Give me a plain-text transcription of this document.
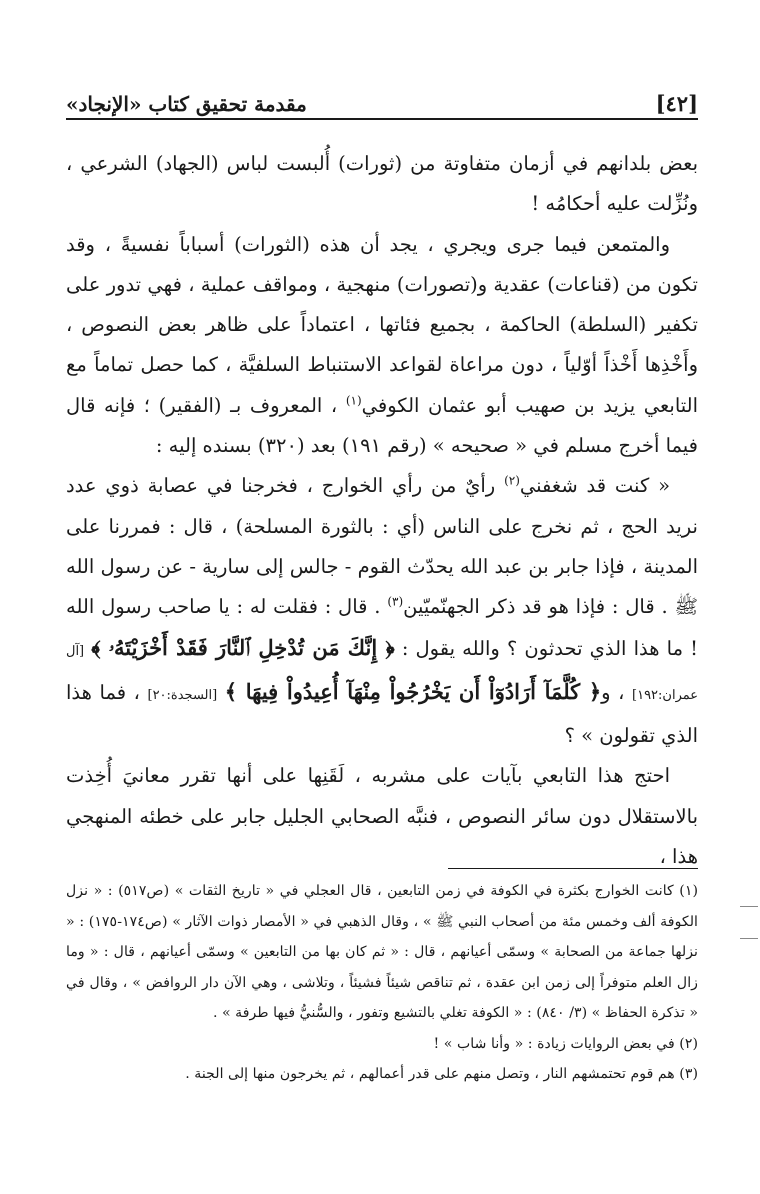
[٤٢]
مقدمة تحقيق كتاب «الإنجاد»

بعض بلدانهم في أزمان متفاوتة من (ثورات) أُلبست لباس (الجهاد) الشرعي ، ونُزِّلت عليه أحكامُه !

والمتمعن فيما جرى ويجري ، يجد أن هذه (الثورات) أسباباً نفسيةً ، وقد تكون من (قناعات) عقدية و(تصورات) منهجية ، ومواقف عملية ، فهي تدور على تكفير (السلطة) الحاكمة ، بجميع فئاتها ، اعتماداً على ظاهر بعض النصوص ، وأَخْذِها أَخْذاً أوّلياً ، دون مراعاة لقواعد الاستنباط السلفيَّة ، كما حصل تماماً مع التابعي يزيد بن صهيب أبو عثمان الكوفي$^{(١)}$ ، المعروف بـ (الفقير) ؛ فإنه قال فيما أخرج مسلم في « صحيحه » (رقم ١٩١) بعد (٣٢٠) بسنده إليه :

« كنت قد شغفني$^{(٢)}$ رأيٌ من رأي الخوارج ، فخرجنا في عصابة ذوي عدد نريد الحج ، ثم نخرج على الناس (أي : بالثورة المسلحة) ، قال : فمررنا على المدينة ، فإذا جابر بن عبد الله يحدّث القوم - جالس إلى سارية - عن رسول الله ﷺ . قال : فإذا هو قد ذكر الجهنّميّين$^{(٣)}$ . قال : فقلت له : يا صاحب رسول الله ! ما هذا الذي تحدثون ؟ والله يقول : ﴿ إِنَّكَ مَن تُدْخِلِ ٱلنَّارَ فَقَدْ أَخْزَيْتَهُۥ ﴾ [آل عمران:١٩٢] ، و﴿ كُلَّمَآ أَرَادُوٓاْ أَن يَخْرُجُواْ مِنْهَآ أُعِيدُواْ فِيهَا ﴾ [السجدة:٢٠] ، فما هذا الذي تقولون » ؟

احتج هذا التابعي بآيات على مشربه ، لَقَنِها على أنها تقرر معانيَ أُخِذت بالاستقلال دون سائر النصوص ، فنبَّه الصحابي الجليل جابر على خطئه المنهجي هذا ،

(١) كانت الخوارج بكثرة في الكوفة في زمن التابعين ، قال العجلي في « تاريخ الثقات » (ص٥١٧) : « نزل الكوفة ألف وخمس مئة من أصحاب النبي ﷺ » ، وقال الذهبي في « الأمصار ذوات الآثار » (ص١٧٤-١٧٥) : « نزلها جماعة من الصحابة » وسمّى أعيانهم ، قال : « ثم كان بها من التابعين » وسمّى أعيانهم ، قال : « وما زال العلم متوفراً إلى زمن ابن عقدة ، ثم تناقص شيئاً فشيئاً ، وتلاشى ، وهي الآن دار الروافض » ، وقال في « تذكرة الحفاظ » (٣/ ٨٤٠) : « الكوفة تغلي بالتشيع وتفور ، والسُّنيُّ فيها طرفة » .

(٢) في بعض الروايات زيادة : « وأنا شاب » !

(٣) هم قوم تحتمشهم النار ، وتصل منهم على قدر أعمالهم ، ثم يخرجون منها إلى الجنة .
